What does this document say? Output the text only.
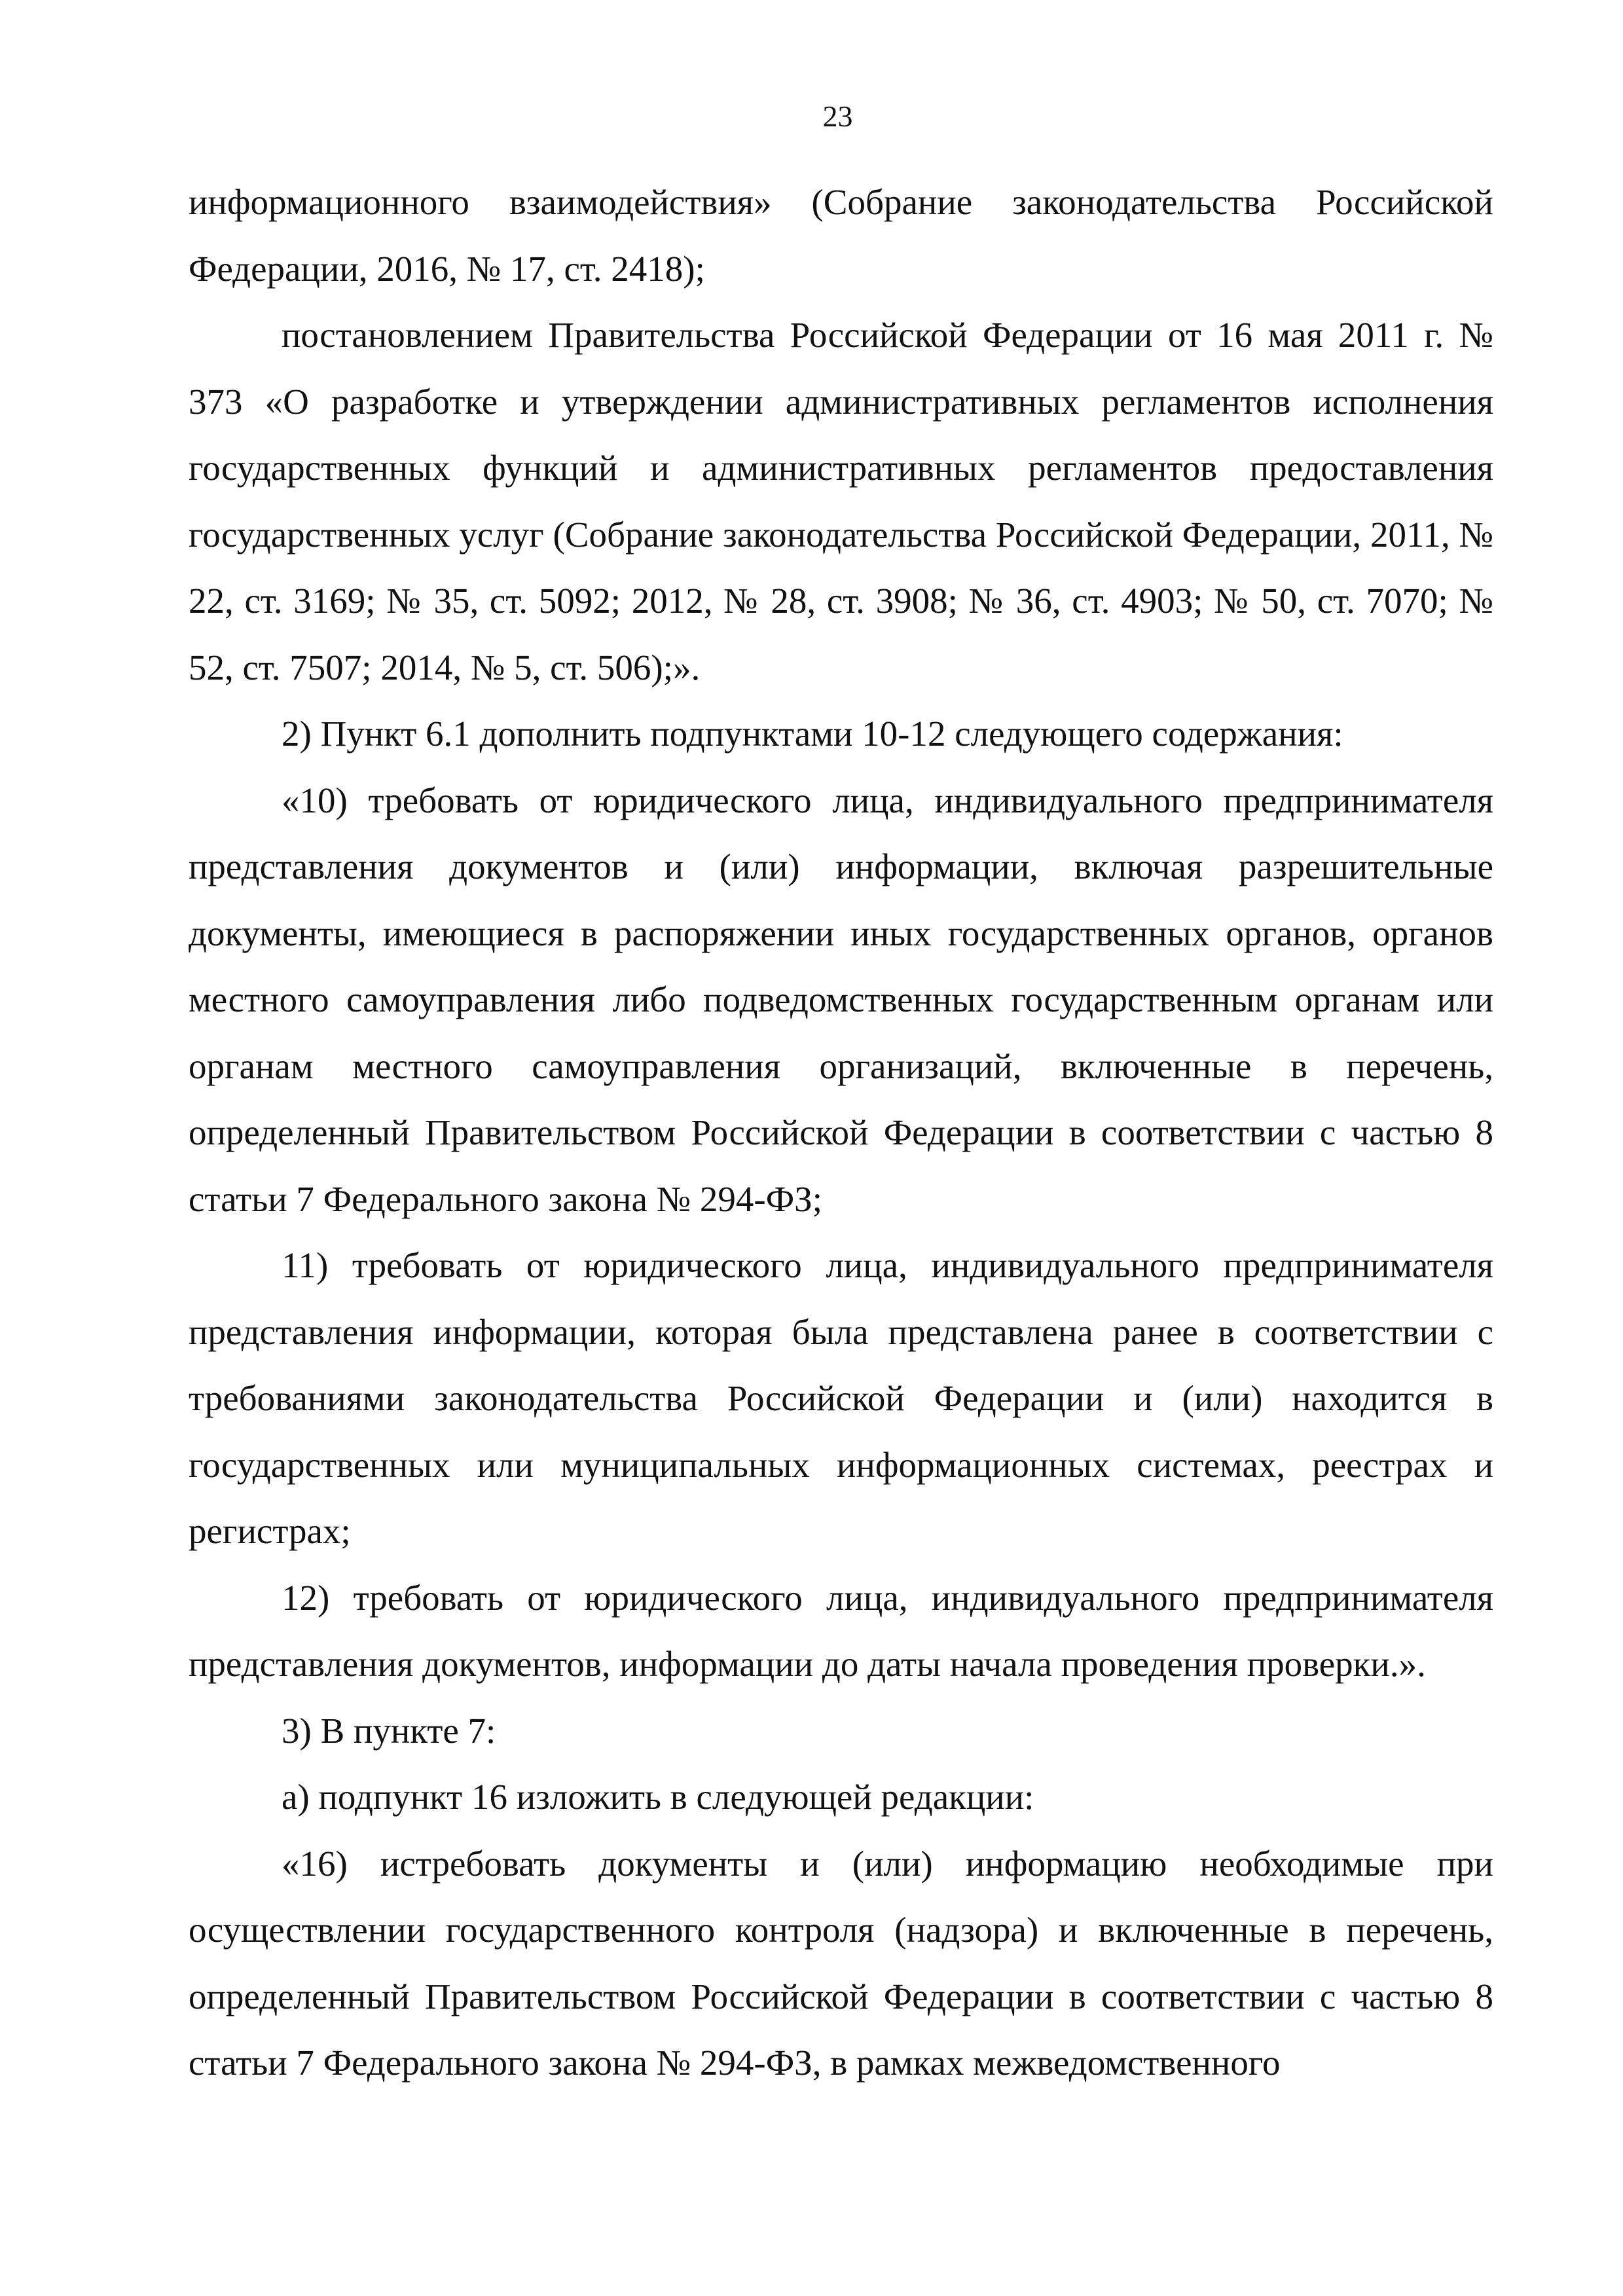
23

информационного взаимодействия» (Собрание законодательства Российской Федерации, 2016, № 17, ст. 2418);

постановлением Правительства Российской Федерации от 16 мая 2011 г. № 373 «О разработке и утверждении административных регламентов исполнения государственных функций и административных регламентов предоставления государственных услуг (Собрание законодательства Российской Федерации, 2011, № 22, ст. 3169; № 35, ст. 5092; 2012, № 28, ст. 3908; № 36, ст. 4903; № 50, ст. 7070; № 52, ст. 7507; 2014, № 5, ст. 506);».

2) Пункт 6.1 дополнить подпунктами 10-12 следующего содержания:

«10) требовать от юридического лица, индивидуального предпринимателя представления документов и (или) информации, включая разрешительные документы, имеющиеся в распоряжении иных государственных органов, органов местного самоуправления либо подведомственных государственным органам или органам местного самоуправления организаций, включенные в перечень, определенный Правительством Российской Федерации в соответствии с частью 8 статьи 7 Федерального закона № 294-ФЗ;

11) требовать от юридического лица, индивидуального предпринимателя представления информации, которая была представлена ранее в соответствии с требованиями законодательства Российской Федерации и (или) находится в государственных или муниципальных информационных системах, реестрах и регистрах;

12) требовать от юридического лица, индивидуального предпринимателя представления документов, информации до даты начала проведения проверки.».

3) В пункте 7:

а) подпункт 16 изложить в следующей редакции:

«16) истребовать документы и (или) информацию необходимые при осуществлении государственного контроля (надзора) и включенные в перечень, определенный Правительством Российской Федерации в соответствии с частью 8 статьи 7 Федерального закона № 294-ФЗ, в рамках межведомственного
